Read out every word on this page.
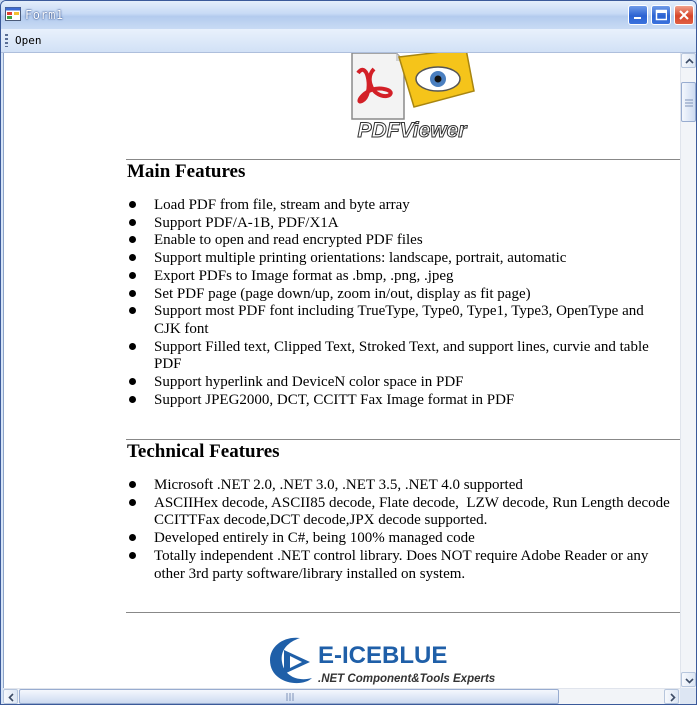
Form1
Open
PDFViewer
Main Features
Load PDF from file, stream and byte array
Support PDF/A-1B, PDF/X1A
Enable to open and read encrypted PDF files
Support multiple printing orientations: landscape, portrait, automatic
Export PDFs to Image format as .bmp, .png, .jpeg
Set PDF page (page down/up, zoom in/out, display as fit page)
Support most PDF font including TrueType, Type0, Type1, Type3, OpenType and
CJK font
Support Filled text, Clipped Text, Stroked Text, and support lines, curvie and table
PDF
Support hyperlink and DeviceN color space in PDF
Support JPEG2000, DCT, CCITT Fax Image format in PDF
Technical Features
Microsoft .NET 2.0, .NET 3.0, .NET 3.5, .NET 4.0 supported
ASCIIHex decode, ASCII85 decode, Flate decode,  LZW decode, Run Length decode
CCITTFax decode,DCT decode,JPX decode supported.
Developed entirely in C#, being 100% managed code
Totally independent .NET control library. Does NOT require Adobe Reader or any
other 3rd party software/library installed on system.
E-ICEBLUE
.NET Component&Tools Experts
